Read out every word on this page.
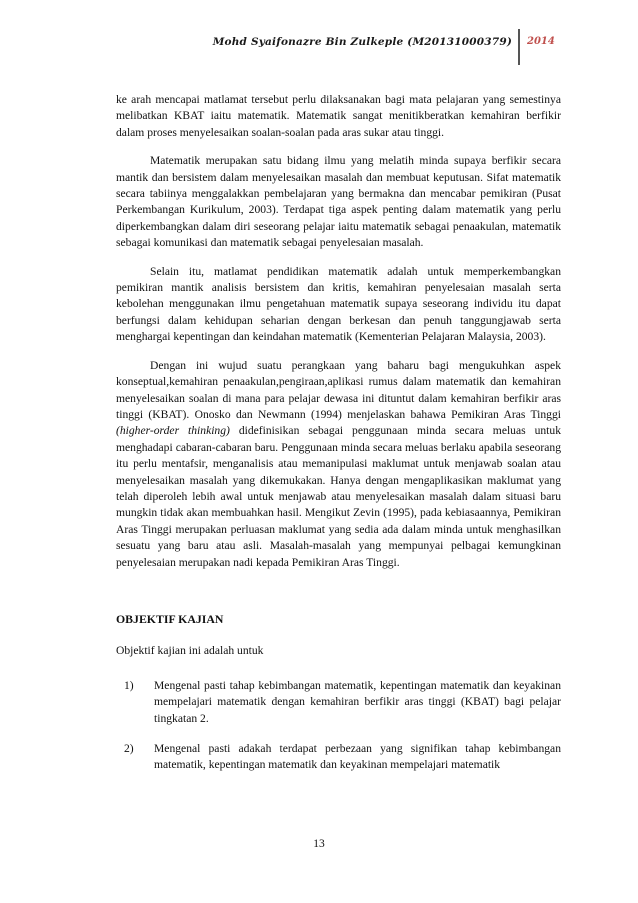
Mohd Syaifonazre Bin Zulkeple (M20131000379) 2014

ke arah mencapai matlamat tersebut perlu dilaksanakan bagi mata pelajaran yang semestinya melibatkan KBAT iaitu matematik. Matematik sangat menitikberatkan kemahiran berfikir dalam proses menyelesaikan soalan-soalan pada aras sukar atau tinggi.

Matematik merupakan satu bidang ilmu yang melatih minda supaya berfikir secara mantik dan bersistem dalam menyelesaikan masalah dan membuat keputusan. Sifat matematik secara tabiinya menggalakkan pembelajaran yang bermakna dan mencabar pemikiran (Pusat Perkembangan Kurikulum, 2003). Terdapat tiga aspek penting dalam matematik yang perlu diperkembangkan dalam diri seseorang pelajar iaitu matematik sebagai penaakulan, matematik sebagai komunikasi dan matematik sebagai penyelesaian masalah.

Selain itu, matlamat pendidikan matematik adalah untuk memperkembangkan pemikiran mantik analisis bersistem dan kritis, kemahiran penyelesaian masalah serta kebolehan menggunakan ilmu pengetahuan matematik supaya seseorang individu itu dapat berfungsi dalam kehidupan seharian dengan berkesan dan penuh tanggungjawab serta menghargai kepentingan dan keindahan matematik (Kementerian Pelajaran Malaysia, 2003).

Dengan ini wujud suatu perangkaan yang baharu bagi mengukuhkan aspek konseptual,kemahiran penaakulan,pengiraan,aplikasi rumus dalam matematik dan kemahiran menyelesaikan soalan di mana para pelajar dewasa ini dituntut dalam kemahiran berfikir aras tinggi (KBAT). Onosko dan Newmann (1994) menjelaskan bahawa Pemikiran Aras Tinggi (higher-order thinking) didefinisikan sebagai penggunaan minda secara meluas untuk menghadapi cabaran-cabaran baru. Penggunaan minda secara meluas berlaku apabila seseorang itu perlu mentafsir, menganalisis atau memanipulasi maklumat untuk menjawab soalan atau menyelesaikan masalah yang dikemukakan. Hanya dengan mengaplikasikan maklumat yang telah diperoleh lebih awal untuk menjawab atau menyelesaikan masalah dalam situasi baru mungkin tidak akan membuahkan hasil. Mengikut Zevin (1995), pada kebiasaannya, Pemikiran Aras Tinggi merupakan perluasan maklumat yang sedia ada dalam minda untuk menghasilkan sesuatu yang baru atau asli. Masalah-masalah yang mempunyai pelbagai kemungkinan penyelesaian merupakan nadi kepada Pemikiran Aras Tinggi.

OBJEKTIF KAJIAN
Objektif kajian ini adalah untuk
1)	Mengenal pasti tahap kebimbangan matematik, kepentingan matematik dan keyakinan mempelajari matematik dengan kemahiran berfikir aras tinggi (KBAT) bagi pelajar tingkatan 2.
2)	Mengenal pasti adakah terdapat perbezaan yang signifikan tahap kebimbangan matematik, kepentingan matematik dan keyakinan mempelajari matematik
13
